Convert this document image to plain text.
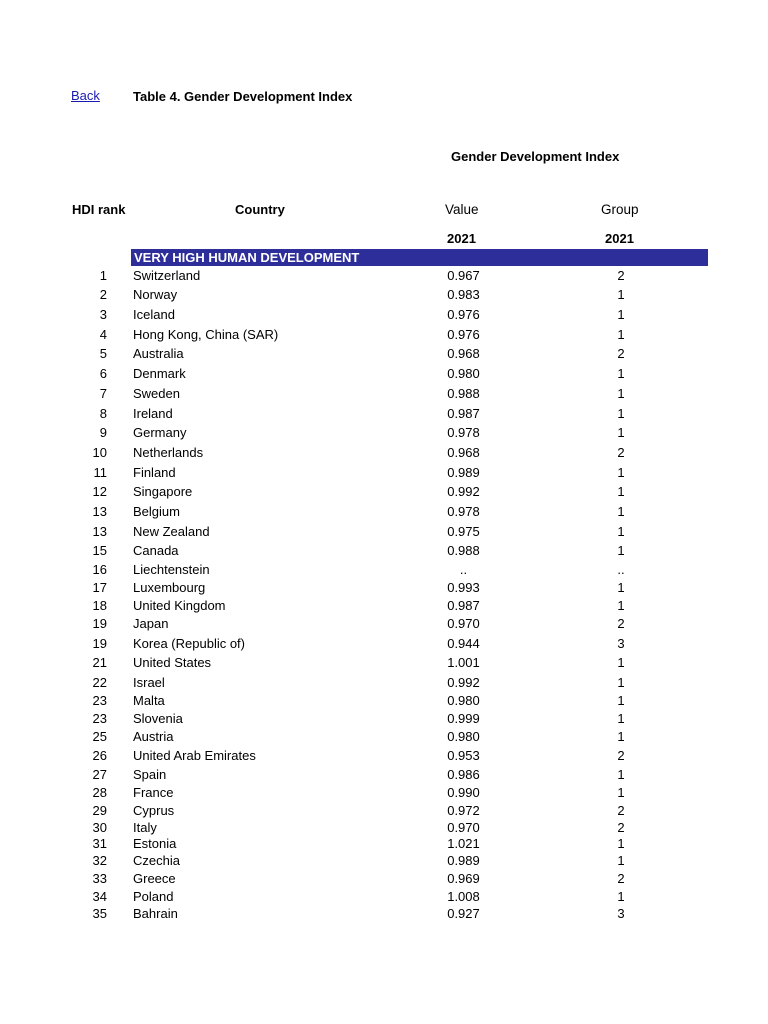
Back	Table 4. Gender Development Index
Gender Development Index
HDI rank	Country	Value	Group
2021	2021
VERY HIGH HUMAN DEVELOPMENT
1 Switzerland	0.967	2
2 Norway	0.983	1
3 Iceland	0.976	1
4 Hong Kong, China (SAR)	0.976	1
5 Australia	0.968	2
6 Denmark	0.980	1
7 Sweden	0.988	1
8 Ireland	0.987	1
9 Germany	0.978	1
10 Netherlands	0.968	2
11 Finland	0.989	1
12 Singapore	0.992	1
13 Belgium	0.978	1
13 New Zealand	0.975	1
15 Canada	0.988	1
16 Liechtenstein	..	..
17 Luxembourg	0.993	1
18 United Kingdom	0.987	1
19 Japan	0.970	2
19 Korea (Republic of)	0.944	3
21 United States	1.001	1
22 Israel	0.992	1
23 Malta	0.980	1
23 Slovenia	0.999	1
25 Austria	0.980	1
26 United Arab Emirates	0.953	2
27 Spain	0.986	1
28 France	0.990	1
29 Cyprus	0.972	2
30 Italy	0.970	2
31 Estonia	1.021	1
32 Czechia	0.989	1
33 Greece	0.969	2
34 Poland	1.008	1
35 Bahrain	0.927	3
